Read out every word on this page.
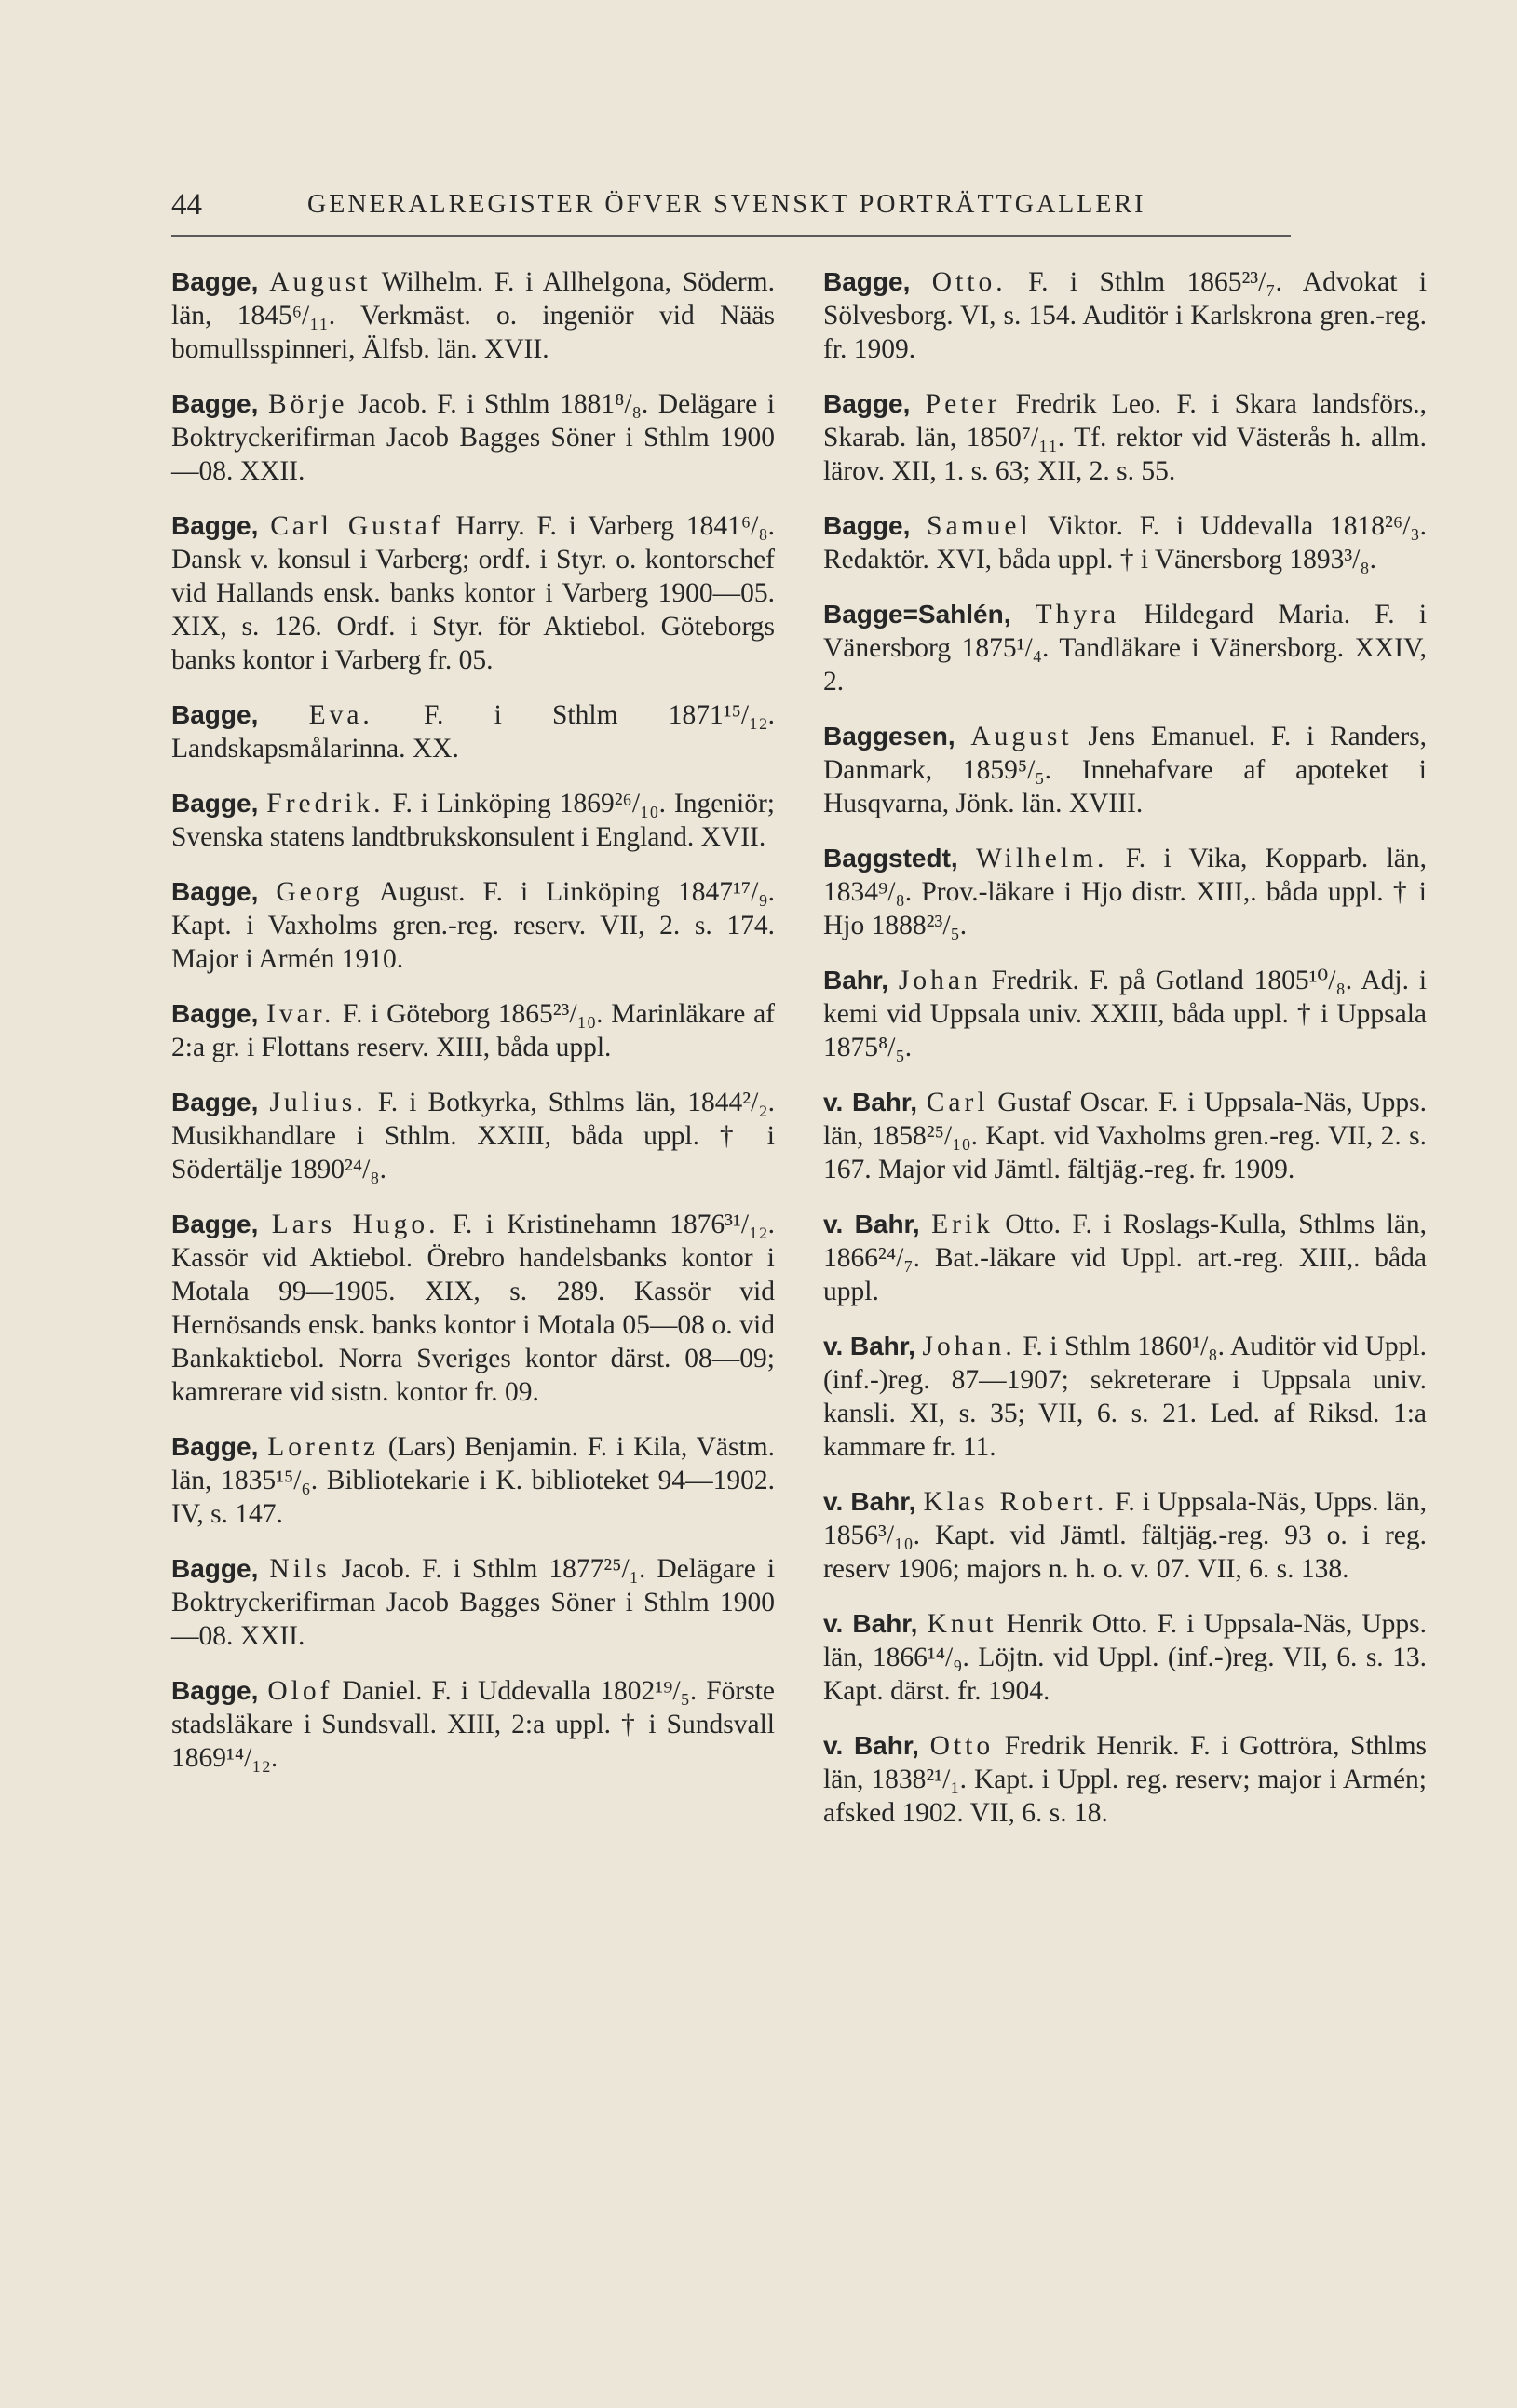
44	GENERALREGISTER ÖFVER SVENSKT PORTRÄTTGALLERI

Bagge, August Wilhelm. F. i Allhelgona, Söderm. län, 1845⁶/₁₁. Verkmäst. o. ingeniör vid Nääs bomullsspinneri, Älfsb. län. XVII.

Bagge, Börje Jacob. F. i Sthlm 1881⁸/₈. Delägare i Boktryckerifirman Jacob Bagges Söner i Sthlm 1900—08. XXII.

Bagge, Carl Gustaf Harry. F. i Varberg 1841⁶/₈. Dansk v. konsul i Varberg; ordf. i Styr. o. kontorschef vid Hallands ensk. banks kontor i Varberg 1900—05. XIX, s. 126. Ordf. i Styr. för Aktiebol. Göteborgs banks kontor i Varberg fr. 05.

Bagge, Eva. F. i Sthlm 1871¹⁵/₁₂. Landskapsmålarinna. XX.

Bagge, Fredrik. F. i Linköping 1869²⁶/₁₀. Ingeniör; Svenska statens landtbrukskonsulent i England. XVII.

Bagge, Georg August. F. i Linköping 1847¹⁷/₉. Kapt. i Vaxholms gren.-reg. reserv. VII, 2. s. 174. Major i Armén 1910.

Bagge, Ivar. F. i Göteborg 1865²³/₁₀. Marinläkare af 2:a gr. i Flottans reserv. XIII, båda uppl.

Bagge, Julius. F. i Botkyrka, Sthlms län, 1844²/₂. Musikhandlare i Sthlm. XXIII, båda uppl. † i Södertälje 1890²⁴/₈.

Bagge, Lars Hugo. F. i Kristinehamn 1876³¹/₁₂. Kassör vid Aktiebol. Örebro handelsbanks kontor i Motala 99—1905. XIX, s. 289. Kassör vid Hernösands ensk. banks kontor i Motala 05—08 o. vid Bankaktiebol. Norra Sveriges kontor därst. 08—09; kamrerare vid sistn. kontor fr. 09.

Bagge, Lorentz (Lars) Benjamin. F. i Kila, Västm. län, 1835¹⁵/₆. Bibliotekarie i K. biblioteket 94—1902. IV, s. 147.

Bagge, Nils Jacob. F. i Sthlm 1877²⁵/₁. Delägare i Boktryckerifirman Jacob Bagges Söner i Sthlm 1900—08. XXII.

Bagge, Olof Daniel. F. i Uddevalla 1802¹⁹/₅. Förste stadsläkare i Sundsvall. XIII, 2:a uppl. † i Sundsvall 1869¹⁴/₁₂.

Bagge, Otto. F. i Sthlm 1865²³/₇. Advokat i Sölvesborg. VI, s. 154. Auditör i Karlskrona gren.-reg. fr. 1909.

Bagge, Peter Fredrik Leo. F. i Skara landsförs., Skarab. län, 1850⁷/₁₁. Tf. rektor vid Västerås h. allm. lärov. XII, 1. s. 63; XII, 2. s. 55.

Bagge, Samuel Viktor. F. i Uddevalla 1818²⁶/₃. Redaktör. XVI, båda uppl. † i Vänersborg 1893³/₈.

Bagge=Sahlén, Thyra Hildegard Maria. F. i Vänersborg 1875¹/₄. Tandläkare i Vänersborg. XXIV, 2.

Baggesen, August Jens Emanuel. F. i Randers, Danmark, 1859⁵/₅. Innehafvare af apoteket i Husqvarna, Jönk. län. XVIII.

Baggstedt, Wilhelm. F. i Vika, Kopparb. län, 1834⁹/₈. Prov.-läkare i Hjo distr. XIII,. båda uppl. † i Hjo 1888²³/₅.

Bahr, Johan Fredrik. F. på Gotland 1805¹⁰/₈. Adj. i kemi vid Uppsala univ. XXIII, båda uppl. † i Uppsala 1875⁸/₅.

v. Bahr, Carl Gustaf Oscar. F. i Uppsala-Näs, Upps. län, 1858²⁵/₁₀. Kapt. vid Vaxholms gren.-reg. VII, 2. s. 167. Major vid Jämtl. fältjäg.-reg. fr. 1909.

v. Bahr, Erik Otto. F. i Roslags-Kulla, Sthlms län, 1866²⁴/₇. Bat.-läkare vid Uppl. art.-reg. XIII,. båda uppl.

v. Bahr, Johan. F. i Sthlm 1860¹/₈. Auditör vid Uppl. (inf.-)reg. 87—1907; sekreterare i Uppsala univ. kansli. XI, s. 35; VII, 6. s. 21. Led. af Riksd. 1:a kammare fr. 11.

v. Bahr, Klas Robert. F. i Uppsala-Näs, Upps. län, 1856³/₁₀. Kapt. vid Jämtl. fältjäg.-reg. 93 o. i reg. reserv 1906; majors n. h. o. v. 07. VII, 6. s. 138.

v. Bahr, Knut Henrik Otto. F. i Uppsala-Näs, Upps. län, 1866¹⁴/₉. Löjtn. vid Uppl. (inf.-)reg. VII, 6. s. 13. Kapt. därst. fr. 1904.

v. Bahr, Otto Fredrik Henrik. F. i Gottröra, Sthlms län, 1838²¹/₁. Kapt. i Uppl. reg. reserv; major i Armén; afsked 1902. VII, 6. s. 18.
